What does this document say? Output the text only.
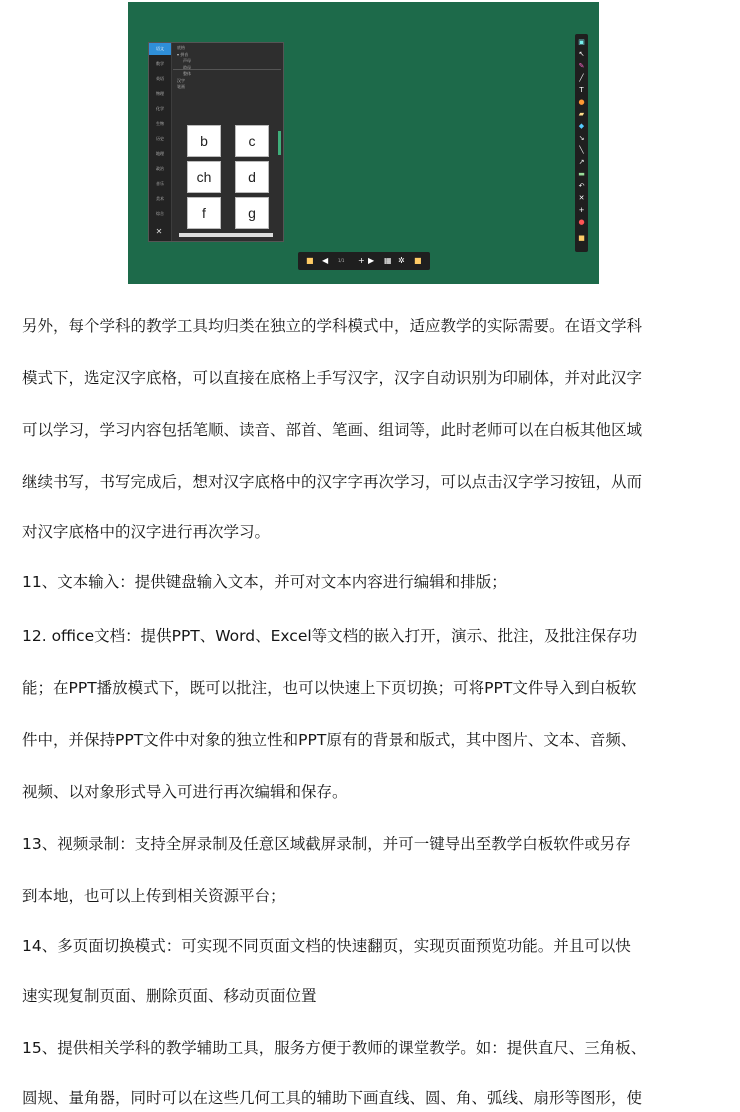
语文
数学
英语
物理
化学
生物
历史
地理
政治
音乐
美术
综合
✕
底格
▾ 拼音
声母
韵母
整体
汉字
笔画
b	c
ch	d
f	g
▣
↖
✎
╱
T
●
▰
◆
↘
╲
↗
▬
↶
✕
+
●
■
■ ◀ 1/1 + ▶ ▦ ✲ ■

另外，每个学科的教学工具均归类在独立的学科模式中，适应教学的实际需要。在语文学科

模式下，选定汉字底格，可以直接在底格上手写汉字，汉字自动识别为印刷体，并对此汉字

可以学习，学习内容包括笔顺、读音、部首、笔画、组词等，此时老师可以在白板其他区域

继续书写，书写完成后，想对汉字底格中的汉字字再次学习，可以点击汉字学习按钮，从而

对汉字底格中的汉字进行再次学习。

11、文本输入：提供键盘输入文本，并可对文本内容进行编辑和排版；

12. office文档：提供PPT、Word、Excel等文档的嵌入打开，演示、批注，及批注保存功

能；在PPT播放模式下，既可以批注，也可以快速上下页切换；可将PPT文件导入到白板软

件中，并保持PPT文件中对象的独立性和PPT原有的背景和版式，其中图片、文本、音频、

视频、以对象形式导入可进行再次编辑和保存。

13、视频录制：支持全屏录制及任意区域截屏录制，并可一键导出至教学白板软件或另存

到本地，也可以上传到相关资源平台；

14、多页面切换模式：可实现不同页面文档的快速翻页，实现页面预览功能。并且可以快

速实现复制页面、删除页面、移动页面位置

15、提供相关学科的教学辅助工具，服务方便于教师的课堂教学。如：提供直尺、三角板、

圆规、量角器，同时可以在这些几何工具的辅助下画直线、圆、角、弧线、扇形等图形，使
